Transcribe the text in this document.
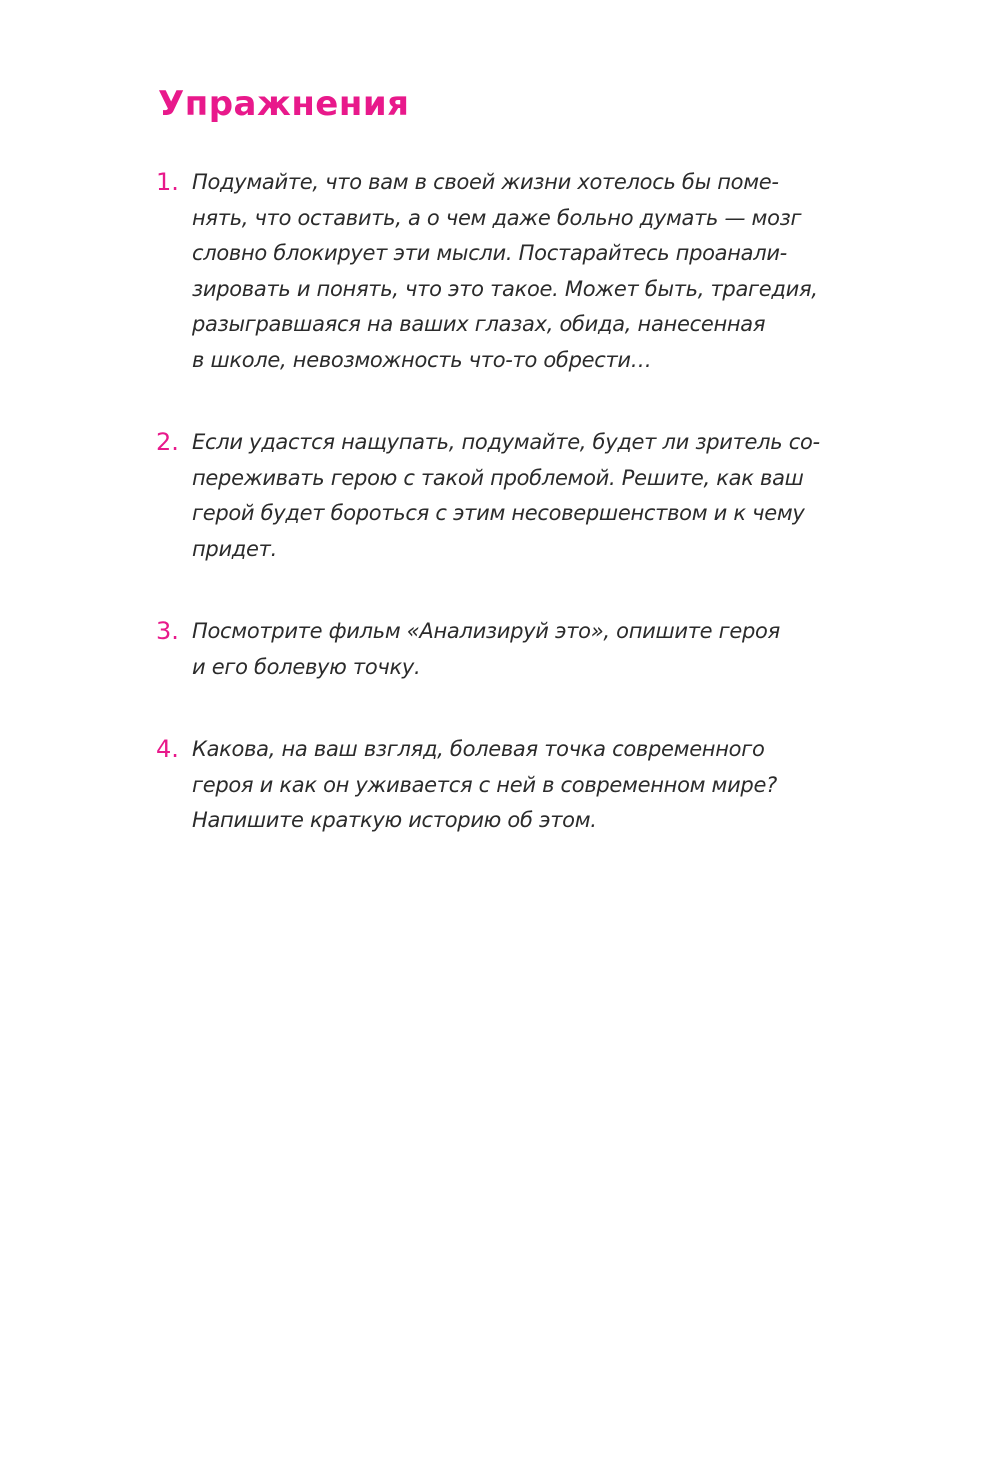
Упражнения
1. Подумайте, что вам в своей жизни хотелось бы поме-
нять, что оставить, а о чем даже больно думать — мозг
словно блокирует эти мысли. Постарайтесь проанали-
зировать и понять, что это такое. Может быть, трагедия,
разыгравшаяся на ваших глазах, обида, нанесенная
в школе, невозможность что-то обрести…
2. Если удастся нащупать, подумайте, будет ли зритель со-
переживать герою с такой проблемой. Решите, как ваш
герой будет бороться с этим несовершенством и к чему
придет.
3. Посмотрите фильм «Анализируй это», опишите героя
и его болевую точку.
4. Какова, на ваш взгляд, болевая точка современного
героя и как он уживается с ней в современном мире?
Напишите краткую историю об этом.
